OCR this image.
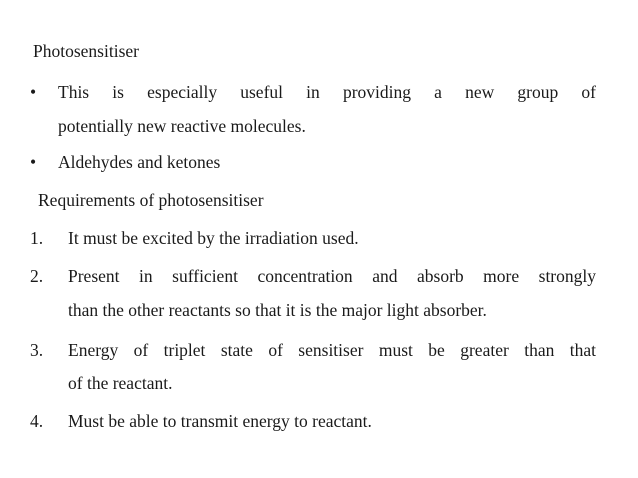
Photosensitiser
• This is especially useful in providing a new group of
potentially new reactive molecules.
• Aldehydes and ketones
Requirements of photosensitiser
1. It must be excited by the irradiation used.
2. Present in sufficient concentration and absorb more strongly
than the other reactants so that it is the major light absorber.
3. Energy of triplet state of sensitiser must be greater than that
of the reactant.
4. Must be able to transmit energy to reactant.
